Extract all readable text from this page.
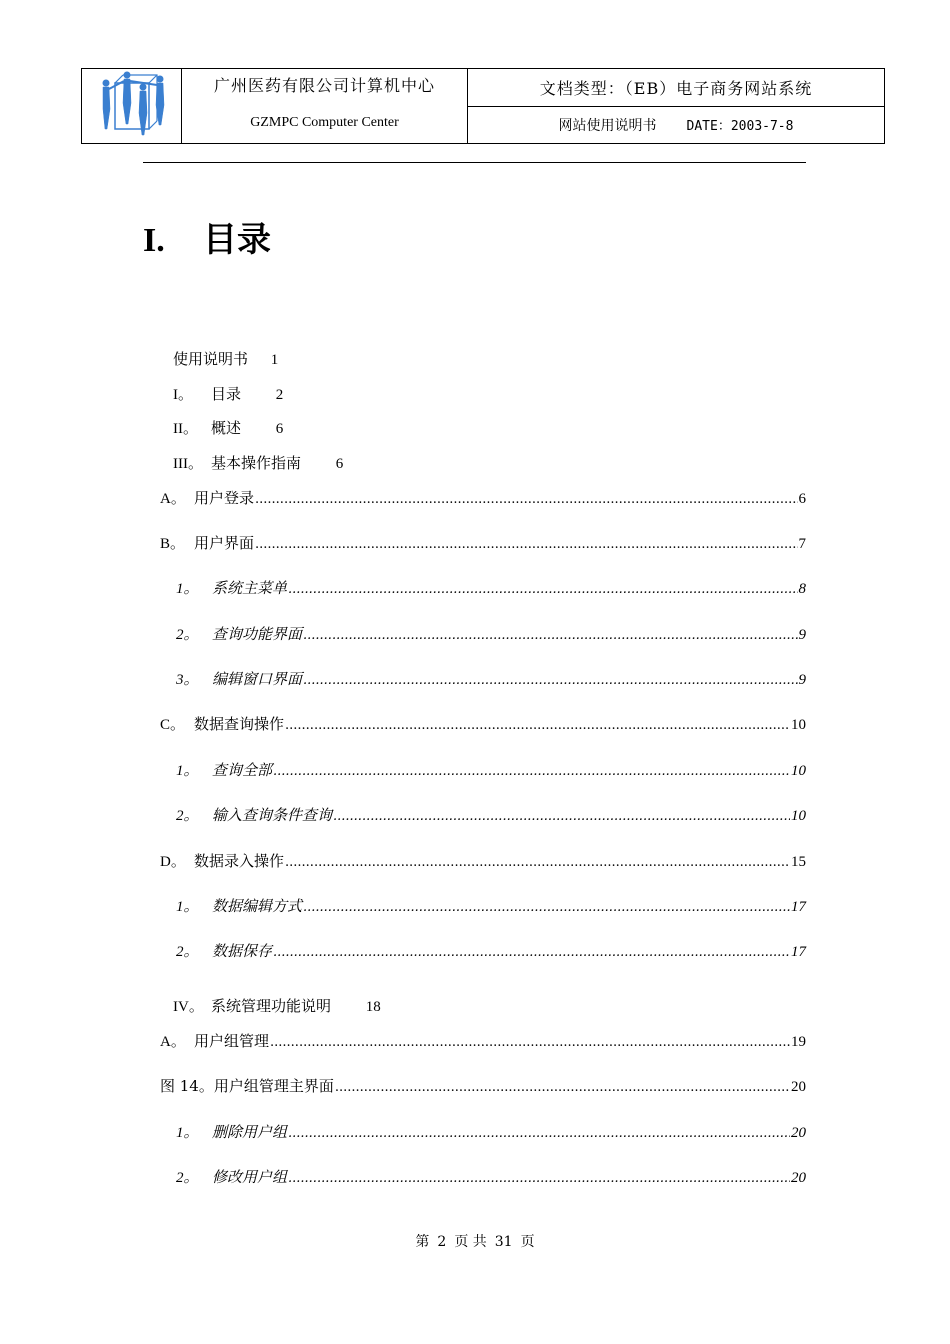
广州医药有限公司计算机中心
GZMPC Computer Center
	文档类型：（EB）电子商务网站系统
网站使用说明书 DATE：2003-7-8
I. 目录
使用说明书 1
I。 目录 2
II。 概述 6
III。 基本操作指南 6
A。 用户登录 .....	6
B。 用户界面 .....	7
1。 系统主菜单 .....	8
2。 查询功能界面 .....	9
3。 编辑窗口界面 .....	9
C。 数据查询操作 .....	10
1。 查询全部 .....	10
2。 输入查询条件查询 .....	10
D。 数据录入操作 .....	15
1。 数据编辑方式 .....	17
2。 数据保存 .....	17
IV。 系统管理功能说明 18
A。 用户组管理 .....	19
图 14。用户组管理主界面 .....	20
1。 删除用户组 .....	20
2。 修改用户组 .....	20
第 2 页 共 31 页
